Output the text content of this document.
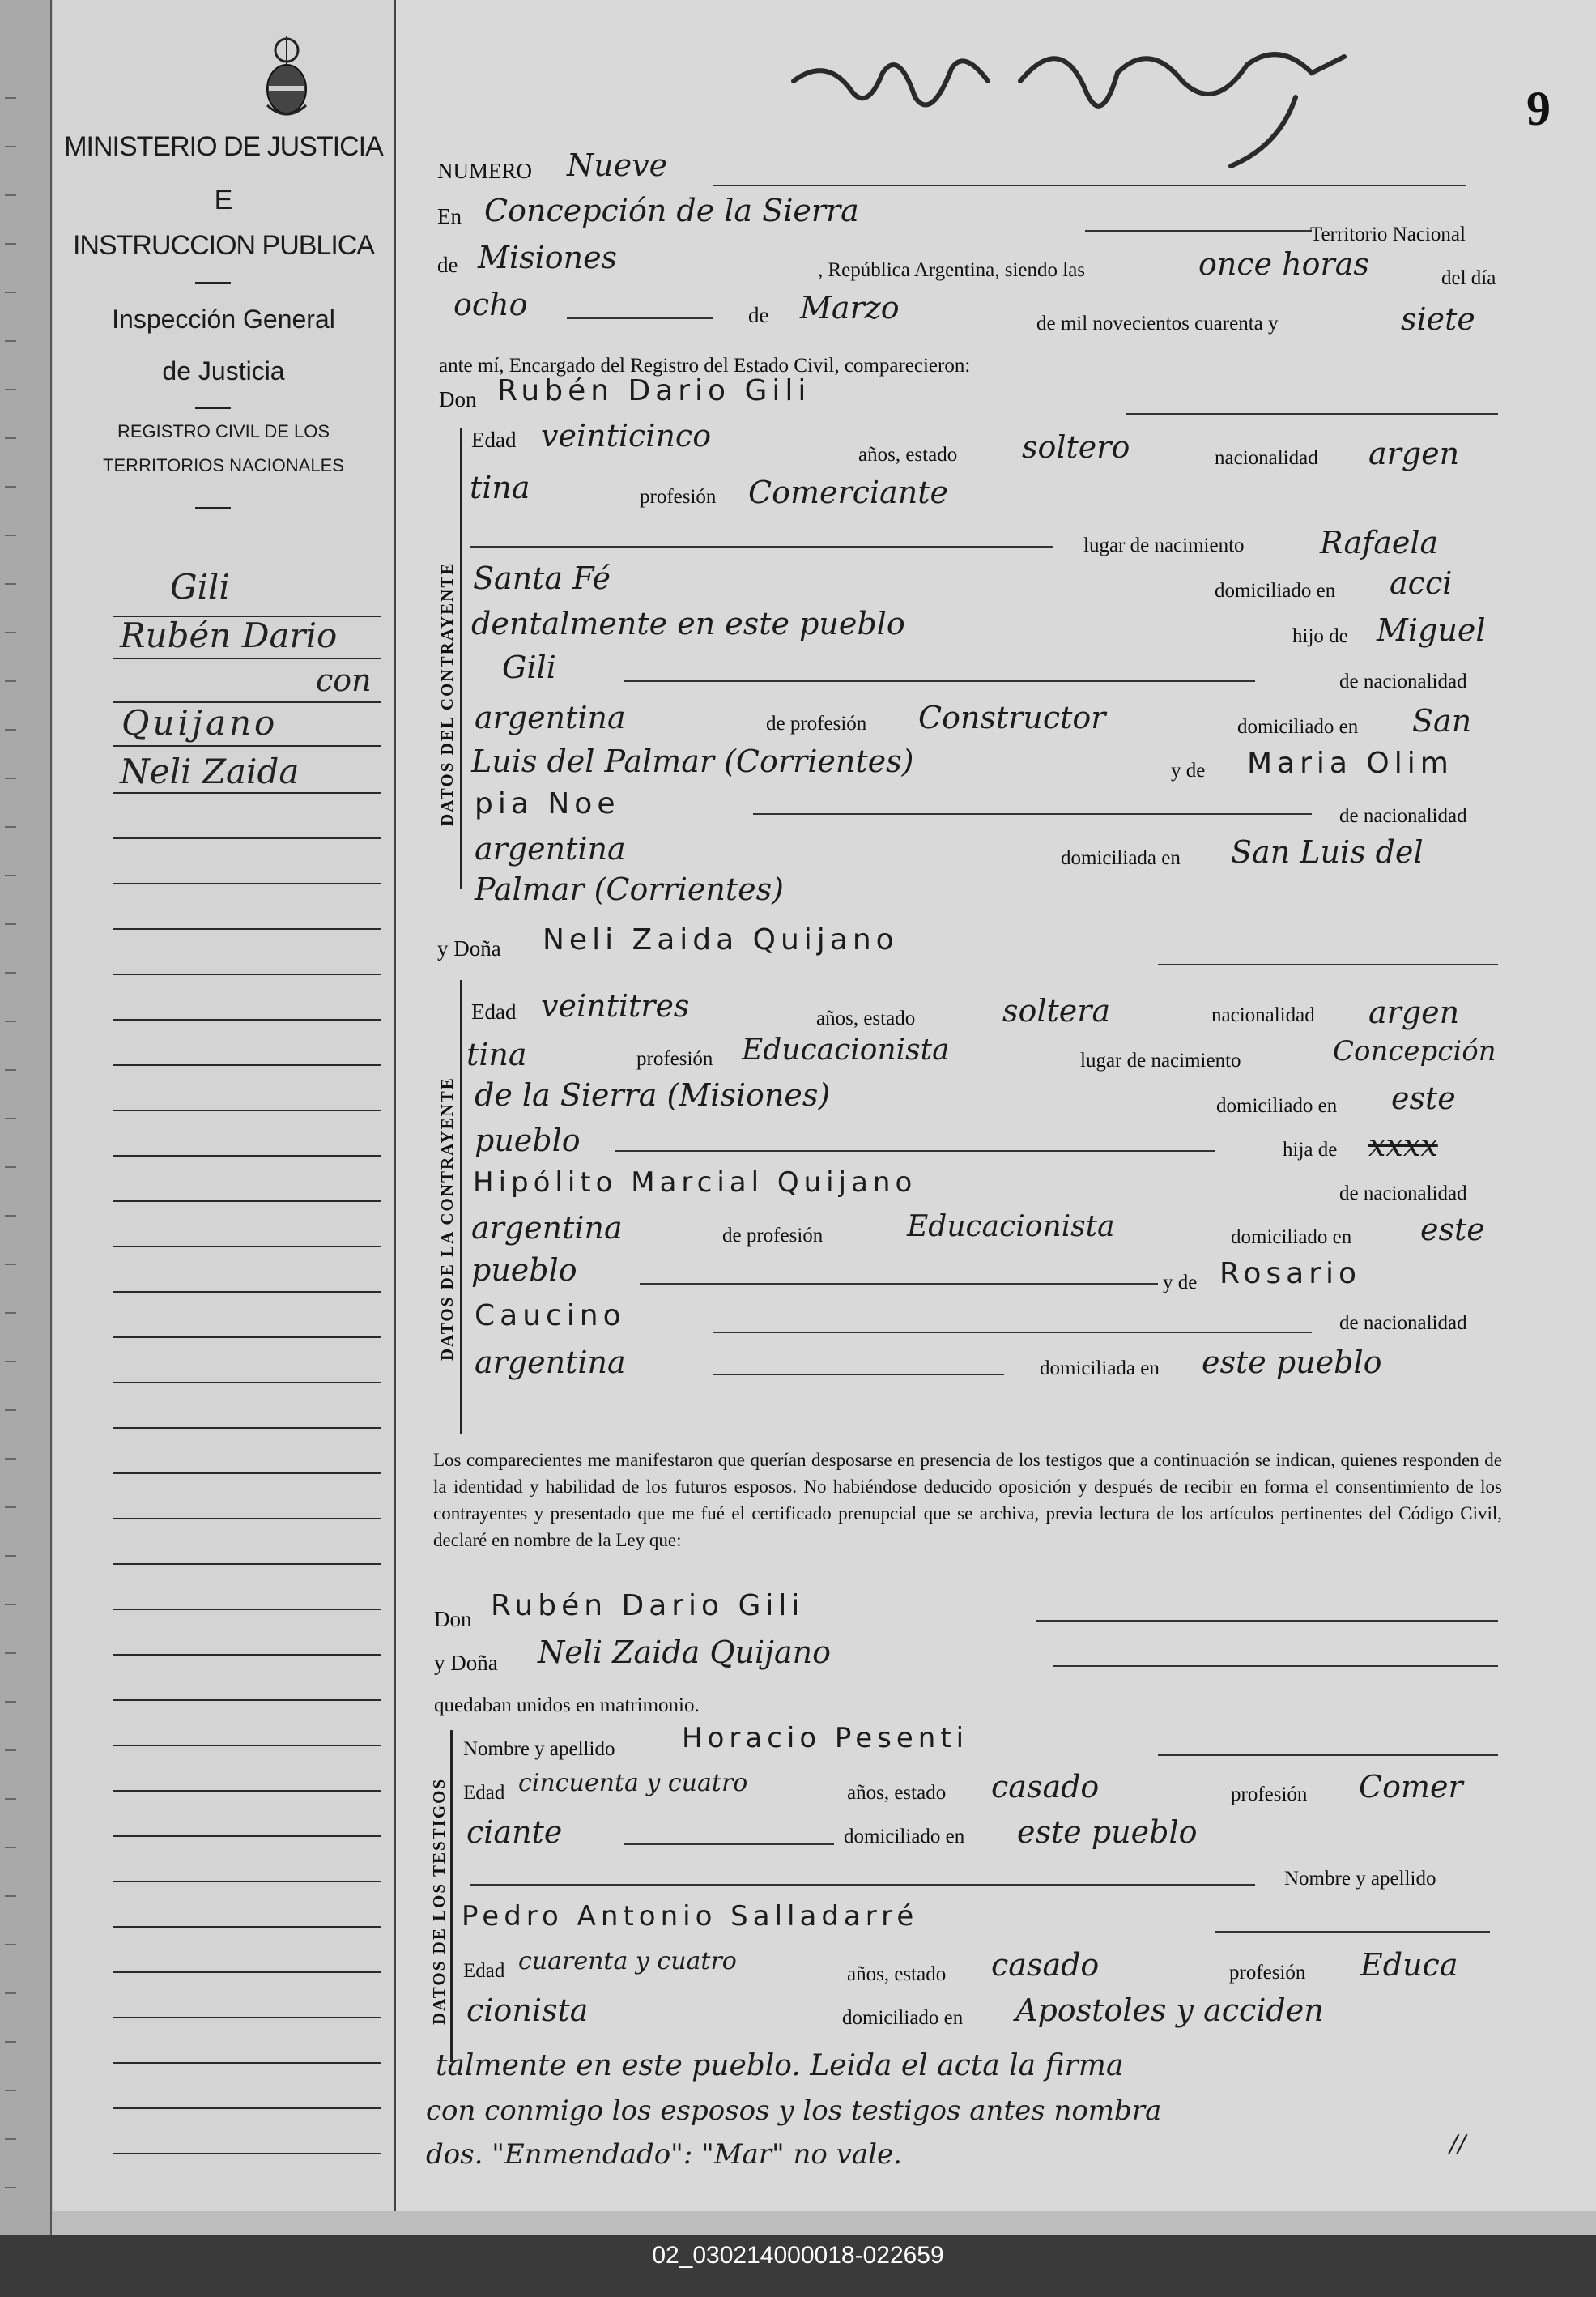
MINISTERIO DE JUSTICIA
E
INSTRUCCION PUBLICA
Inspección General
de Justicia
REGISTRO CIVIL DE LOS
TERRITORIOS NACIONALES
Gili
Rubén Dario
con
Quijano
Neli Zaida
9
NUMERO Nueve
En Concepción de la Sierra
Territorio Nacional
de Misiones	, República Argentina, siendo las	once horas	del día
ocho	de Marzo	de mil novecientos cuarenta y	siete
ante mí, Encargado del Registro del Estado Civil, comparecieron:
Don Rubén Dario Gili
DATOS DEL CONTRAYENTE
Edad veinticinco
años, estado soltero	nacionalidad argen
tina	profesión Comerciante
lugar de nacimiento Rafaela
Santa Fé	domiciliado en acci
dentalmente en este pueblo	hijo de Miguel
Gili	de nacionalidad
argentina	de profesión Constructor	domiciliado en San
Luis del Palmar (Corrientes)	y de Maria Olim
pia Noe	de nacionalidad
argentina	domiciliada en San Luis del
Palmar (Corrientes)
y Doña Neli Zaida Quijano
DATOS DE LA CONTRAYENTE
Edad veintitres	años, estado	soltera	nacionalidad argen
tina	profesión Educacionista	lugar de nacimiento	Concepción
de la Sierra (Misiones)	domiciliado en este
pueblo	hija de xxxx
Hipólito Marcial Quijano	de nacionalidad
argentina	de profesión	Educacionista	domiciliado en este
pueblo	y de Rosario
Caucino	de nacionalidad
argentina	domiciliada en este pueblo
Los comparecientes me manifestaron que querían desposarse en presencia de los testigos que a continuación se indican, quienes responden de la identidad y habilidad de los futuros esposos. No habiéndose deducido oposición y después de recibir en forma el consentimiento de los contrayentes y presentado que me fué el certificado prenupcial que se archiva, previa lectura de los artículos pertinentes del Código Civil, declaré en nombre de la Ley que:
Don Rubén Dario Gili
y Doña Neli Zaida Quijano
quedaban unidos en matrimonio.
DATOS DE LOS TESTIGOS
Nombre y apellido Horacio Pesenti
Edad cincuenta y cuatro	años, estado casado	profesión Comer
ciante	domiciliado en este pueblo
Nombre y apellido
Pedro Antonio Salladarré
Edad cuarenta y cuatro	años, estado casado	profesión Educa
cionista	domiciliado en Apostoles y acciden
talmente en este pueblo. Leida el acta la firma
con conmigo los esposos y los testigos antes nombra
dos. "Enmendado": "Mar" no vale.	//
02_030214000018-022659
